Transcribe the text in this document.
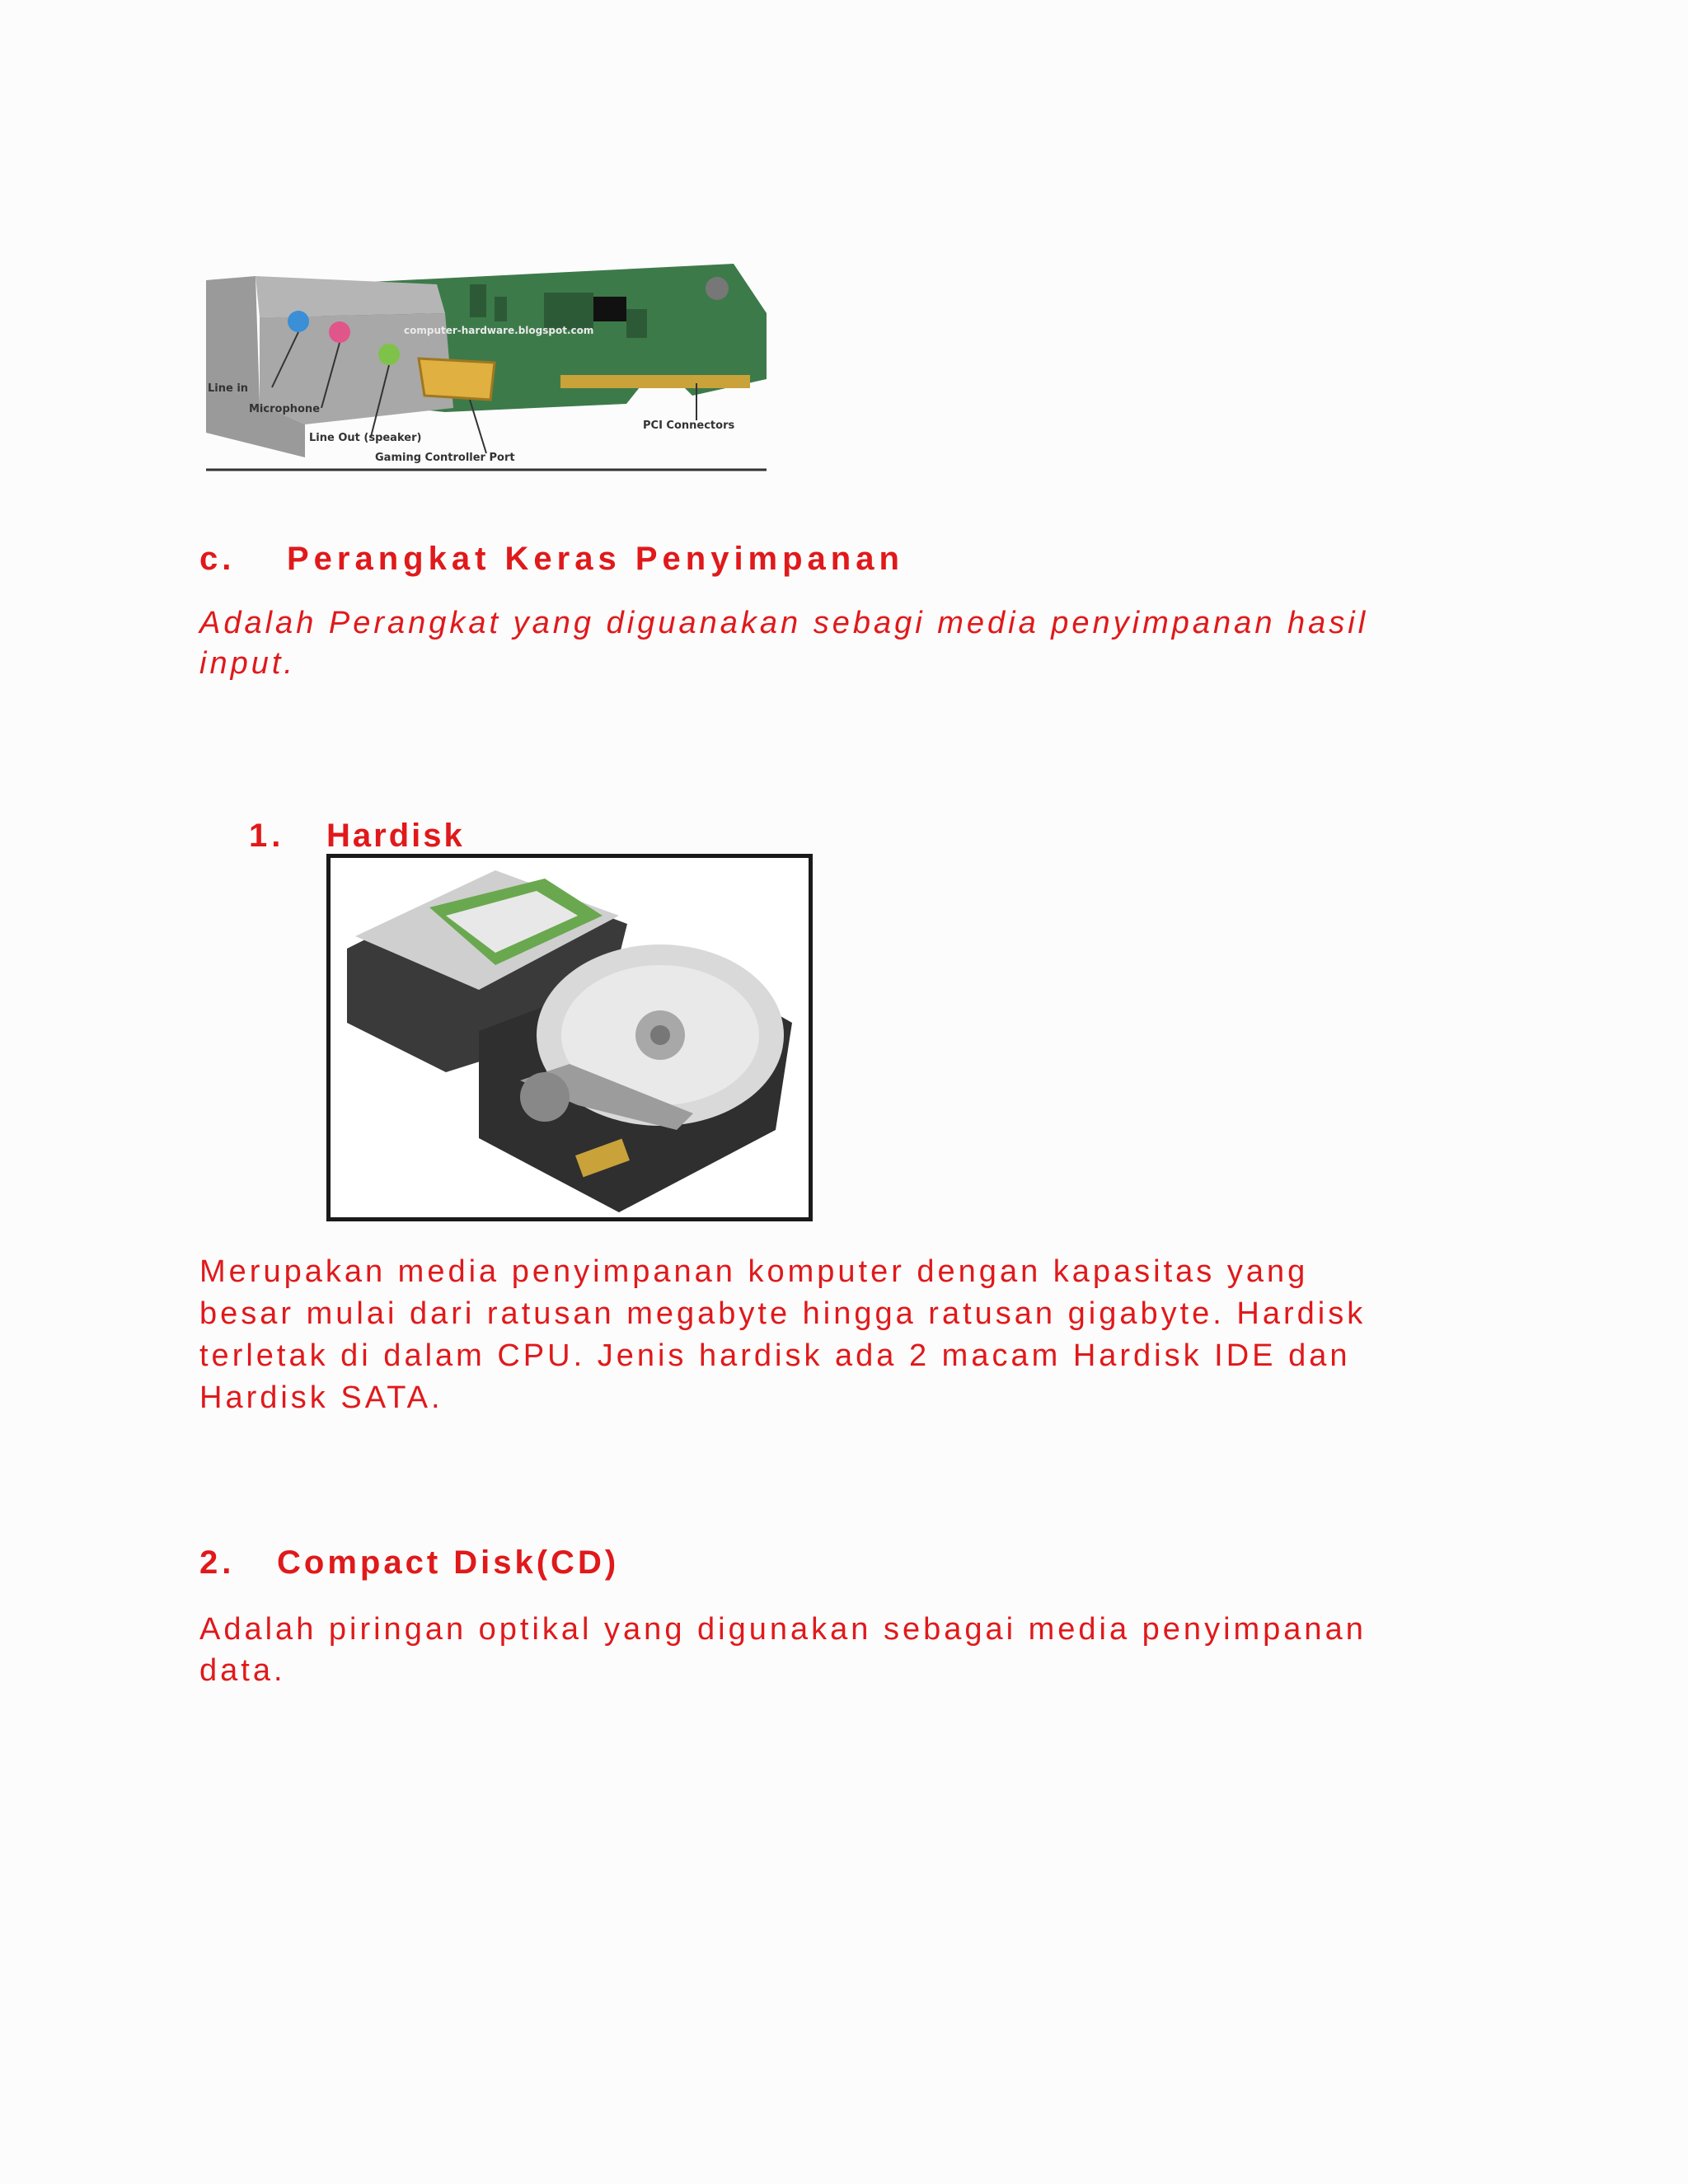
computer-hardware.blogspot.com
Line in
Microphone
Line Out (speaker)
Gaming Controller Port
PCI Connectors
c. Perangkat Keras Penyimpanan
Adalah Perangkat yang diguanakan sebagi media penyimpanan hasil
input.
1. Hardisk
Merupakan media penyimpanan komputer dengan kapasitas yang
besar mulai dari ratusan megabyte hingga ratusan gigabyte. Hardisk
terletak di dalam CPU. Jenis hardisk ada 2 macam Hardisk IDE dan
Hardisk SATA.
2. Compact Disk(CD)
Adalah piringan optikal yang digunakan sebagai media penyimpanan
data.
